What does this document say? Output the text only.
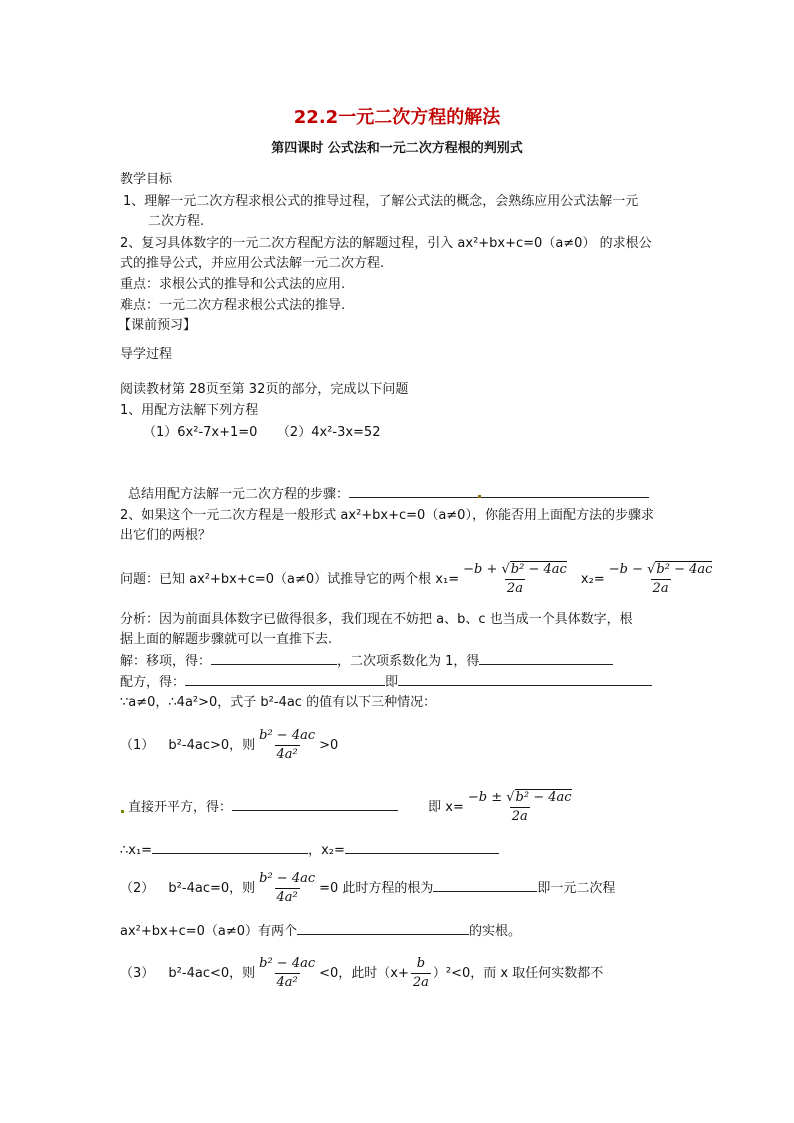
22.2一元二次方程的解法
第四课时 公式法和一元二次方程根的判别式
教学目标
1、理解一元二次方程求根公式的推导过程，了解公式法的概念，会熟练应用公式法解一元
二次方程.
2、复习具体数字的一元二次方程配方法的解题过程，引入 ax²+bx+c=0（a≠0） 的求根公
式的推导公式，并应用公式法解一元二次方程.
重点：求根公式的推导和公式法的应用.
难点：一元二次方程求根公式法的推导.
【课前预习】
导学过程
阅读教材第 28页至第 32页的部分，完成以下问题
1、用配方法解下列方程
（1）6x²-7x+1=0　　（2）4x²-3x=52
总结用配方法解一元二次方程的步骤：
2、如果这个一元二次方程是一般形式 ax²+bx+c=0（a≠0），你能否用上面配方法的步骤求
出它们的两根？
问题：已知 ax²+bx+c=0（a≠0）试推导它的两个根 $x_1= \frac{\text{−b + √b² − 4ac}}{2a} x_2= \frac{\text{−b − √b² − 4ac}}{2a}$
分析：因为前面具体数字已做得很多，我们现在不妨把 a、b、c 也当成一个具体数字，根
据上面的解题步骤就可以一直推下去.
解：移项，得：	，二次项系数化为 1，得
配方，得：	即
∵a≠0，∴4a²>0，式子 b²-4ac 的值有以下三种情况：
（1） b²-4ac>0，则 $\frac{\text{b² − 4ac}}{\text{4a²}} >0$
直接开平方，得：	即 $x= \frac{\text{−b ± √b² − 4ac}}{2a}$
∴x₁=	，x₂=
（2） b²-4ac=0，则 $\frac{\text{b² − 4ac}}{\text{4a²}} =0$ 此时方程的根为	即一元二次程
ax²+bx+c=0（a≠0）有两个	的实根。
（3） b²-4ac<0，则 $\frac{\text{b² − 4ac}}{\text{4a²}} <0$，此时$(x+ \frac{b}{2a} )^2<0$，而 x 取任何实数都不
